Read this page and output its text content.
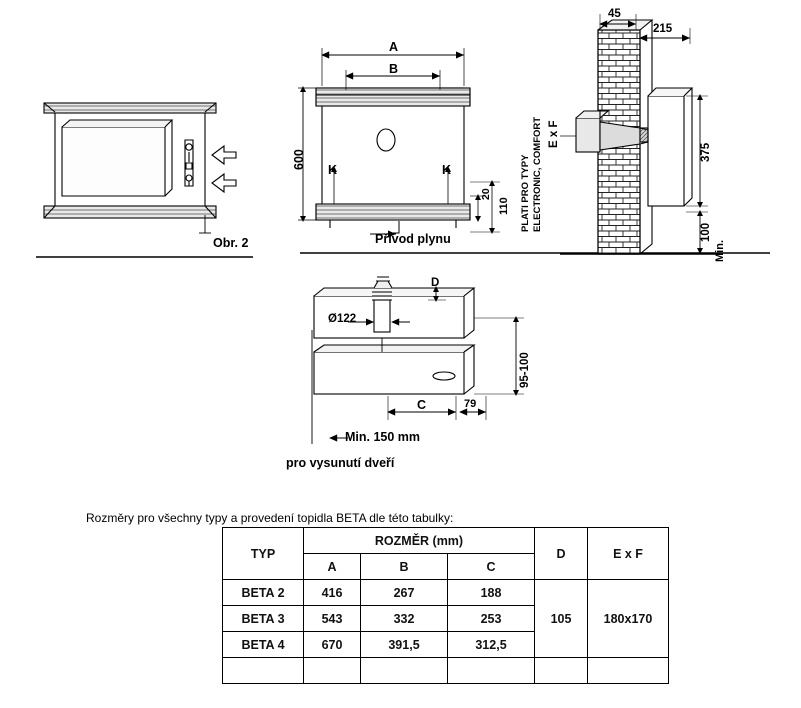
Obr. 2
A
B
600 K	K
20
110
Přívod plynu
PLATI PRO TYPY ELECTRONIC, COMFORT
45
215
375
100
Min.
E x F
D
Ø122
95-100
C	79
Min. 150 mm
pro vysunutí dveří
Rozměry pro všechny typy a provedení topidla BETA dle této tabulky:
TYP	ROZMĚR (mm)			D	E x F
	A	B	C		
BETA 2	416	267	188	105	180x170
BETA 3	543	332	253		
BETA 4	670	391,5	312,5		
